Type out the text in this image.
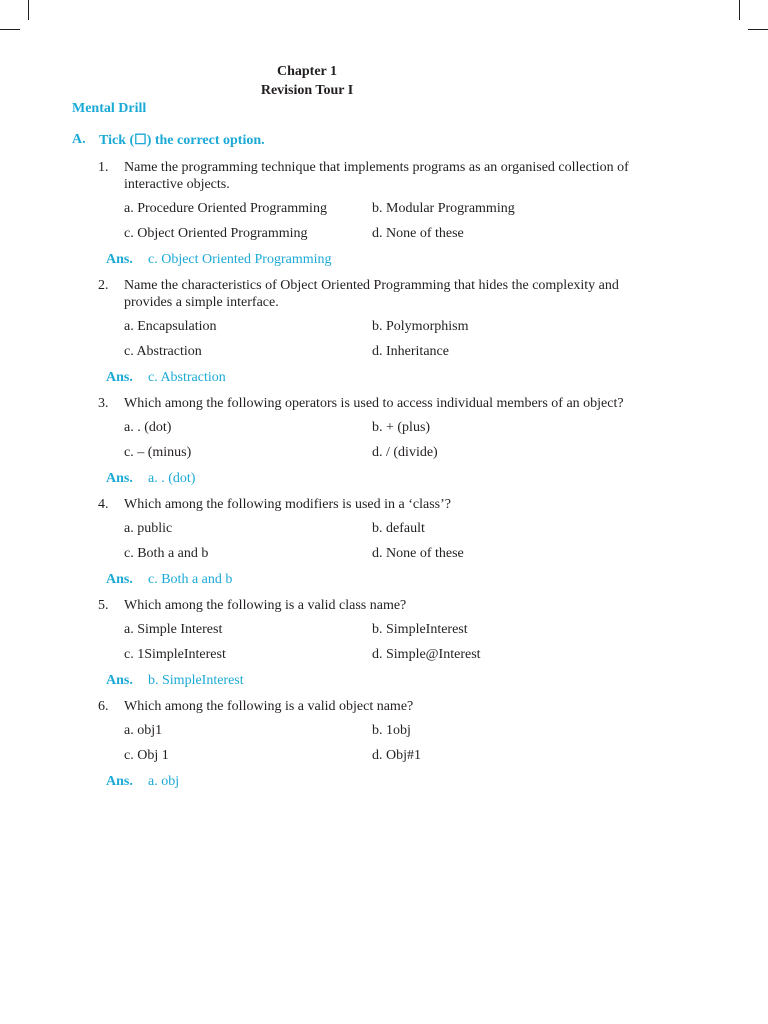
Chapter 1
Revision Tour I
Mental Drill
A. Tick (☐) the correct option.
1.	Name the programming technique that implements programs as an organised collection of interactive objects.
a. Procedure Oriented Programming	b. Modular Programming
c. Object Oriented Programming	d. None of these
Ans.	c. Object Oriented Programming
2.	Name the characteristics of Object Oriented Programming that hides the complexity and provides a simple interface.
a. Encapsulation	b. Polymorphism
c. Abstraction	d. Inheritance
Ans.	c. Abstraction
3.	Which among the following operators is used to access individual members of an object?
a. . (dot)	b. + (plus)
c. – (minus)	d. / (divide)
Ans.	a. . (dot)
4.	Which among the following modifiers is used in a ‘class’?
a. public	b. default
c. Both a and b	d. None of these
Ans.	c. Both a and b
5.	Which among the following is a valid class name?
a. Simple Interest	b. SimpleInterest
c. 1SimpleInterest	d. Simple@Interest
Ans.	b. SimpleInterest
6.	Which among the following is a valid object name?
a. obj1	b. 1obj
c. Obj 1	d. Obj#1
Ans.	a. obj
